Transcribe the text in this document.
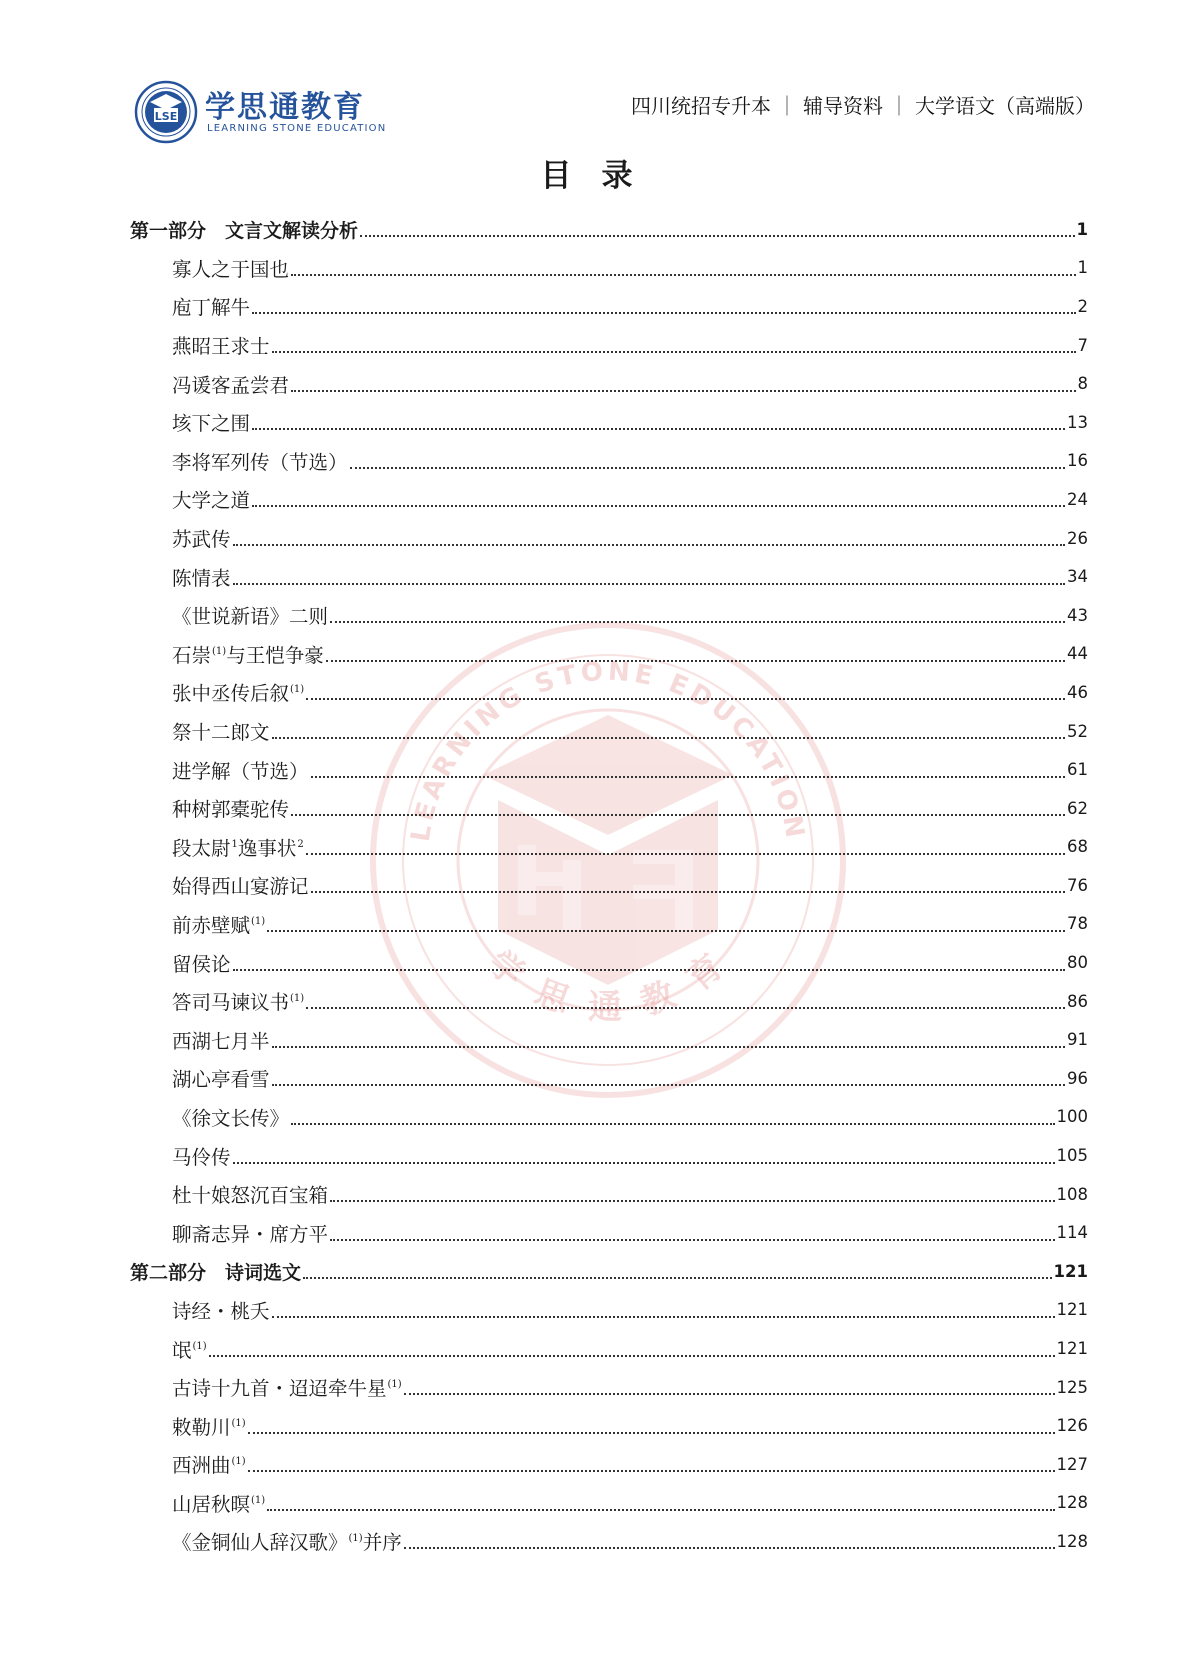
LSE 学思通教育
LEARNING STONE EDUCATION
四川统招专升本 ｜ 辅导资料 ｜ 大学语文（高端版）
目 录
LEARNING STONE EDUCATION
学 思 通 教 育
第一部分　文言文解读分析	1
寡人之于国也	1
庖丁解牛	2
燕昭王求士	7
冯谖客孟尝君	8
垓下之围	13
李将军列传（节选）	16
大学之道	24
苏武传	26
陈情表	34
《世说新语》二则	43
石崇$^{(1)}$与王恺争豪	44
张中丞传后叙$^{(1)}$	46
祭十二郎文	52
进学解（节选）	61
种树郭橐驼传	62
段太尉$^1$逸事状$^2$	68
始得西山宴游记	76
前赤壁赋$^{(1)}$	78
留侯论	80
答司马谏议书$^{(1)}$	86
西湖七月半	91
湖心亭看雪	96
《徐文长传》	100
马伶传	105
杜十娘怒沉百宝箱	108
聊斋志异・席方平	114
第二部分　诗词选文	121
诗经・桃夭	121
氓$^{(1)}$	121
古诗十九首・迢迢牵牛星$^{(1)}$	125
敕勒川$^{(1)}$	126
西洲曲$^{(1)}$	127
山居秋暝$^{(1)}$	128
《金铜仙人辞汉歌》$^{(1)}$并序	128
